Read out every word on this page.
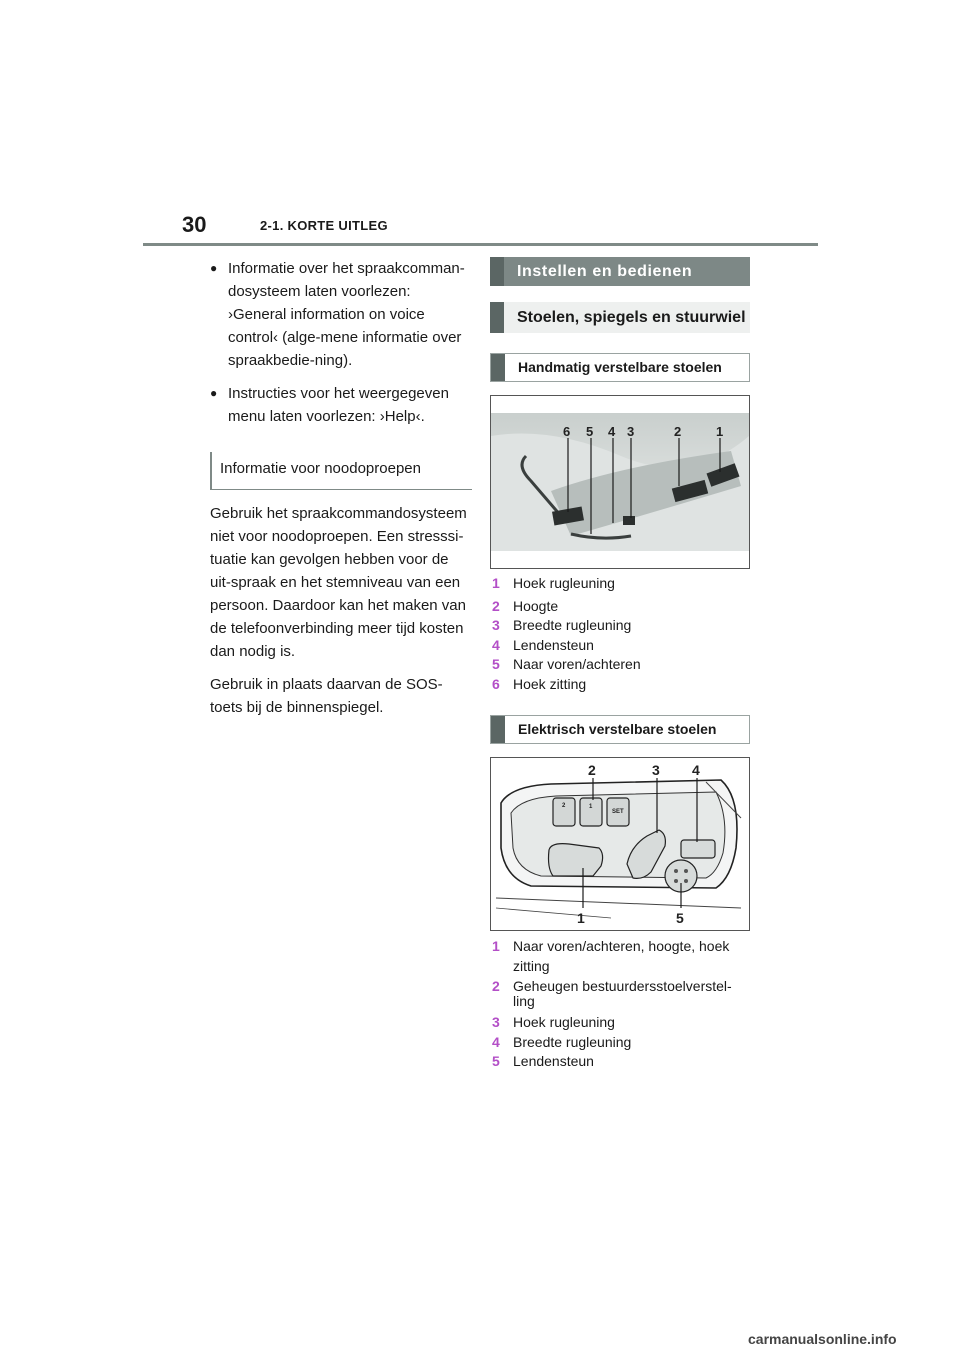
30	2-1. KORTE UITLEG
● Informatie over het spraakcomman-dosysteem laten voorlezen: ›General information on voice control‹ (alge-mene informatie over spraakbedie-ning).
● Instructies voor het weergegeven menu laten voorlezen: ›Help‹.
Informatie voor noodoproepen

Gebruik het spraakcommandosysteem niet voor noodoproepen. Een stresssi-tuatie kan gevolgen hebben voor de uit-spraak en het stemniveau van een persoon. Daardoor kan het maken van de telefoonverbinding meer tijd kosten dan nodig is.

Gebruik in plaats daarvan de SOS-toets bij de binnenspiegel.

Instellen en bedienen
Stoelen, spiegels en stuurwiel
Handmatig verstelbare stoelen
6 5 4 3	2	1
1 Hoek rugleuning
2 Hoogte
3 Breedte rugleuning
4 Lendensteun
5 Naar voren/achteren
6 Hoek zitting
Elektrisch verstelbare stoelen
2	1
SET
2	3 4
1	5
1 Naar voren/achteren, hoogte, hoek zitting
2 Geheugen bestuurdersstoelverstel-ling
3 Hoek rugleuning
4 Breedte rugleuning
5 Lendensteun
carmanualsonline.info
